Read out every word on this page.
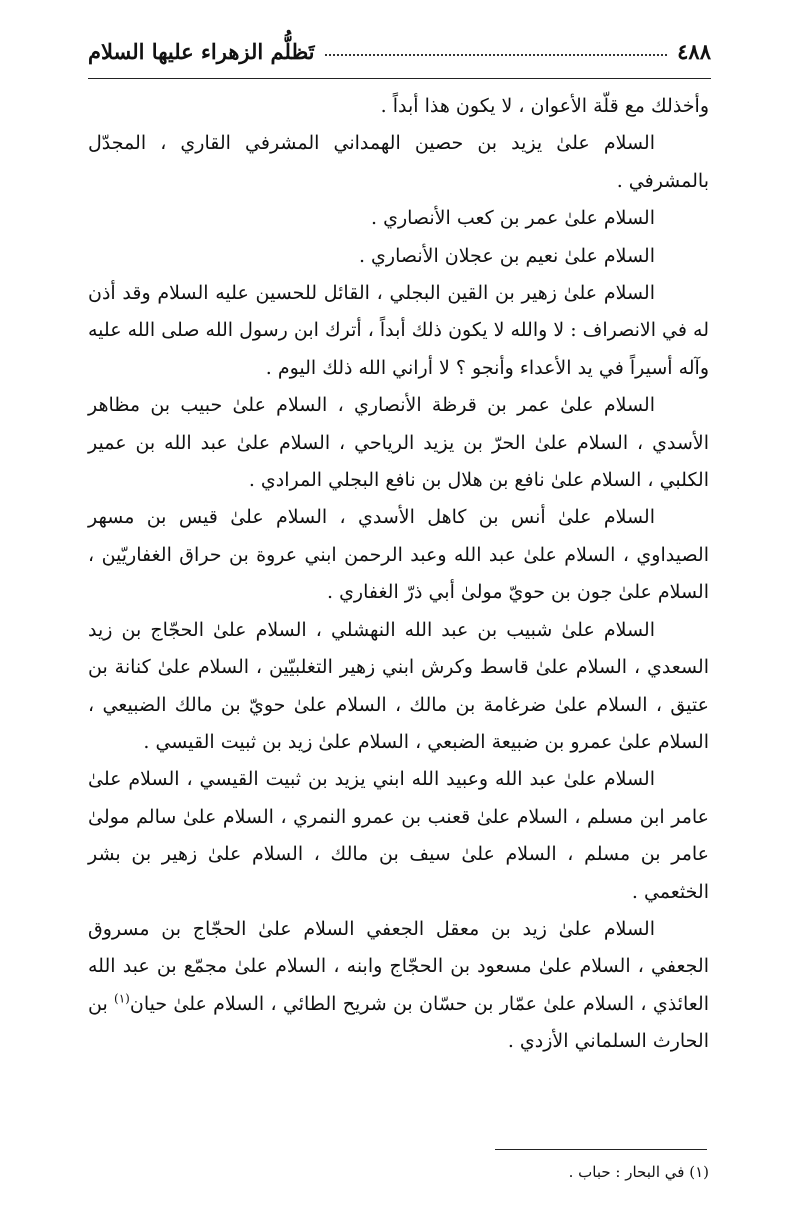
٤٨٨
تَظلُّم الزهراء عليها السلام

وأخذلك مع قلّة الأعوان ، لا يكون هذا أبداً .

السلام علىٰ يزيد بن حصين الهمداني المشرفي القاري ، المجدّل بالمشرفي .

السلام علىٰ عمر بن كعب الأنصاري .

السلام علىٰ نعيم بن عجلان الأنصاري .

السلام علىٰ زهير بن القين البجلي ، القائل للحسين عليه السلام وقد أذن له في الانصراف : لا والله لا يكون ذلك أبداً ، أترك ابن رسول الله صلى الله عليه وآله أسيراً في يد الأعداء وأنجو ؟ لا أراني الله ذلك اليوم .

السلام علىٰ عمر بن قرظة الأنصاري ، السلام علىٰ حبيب بن مظاهر الأسدي ، السلام علىٰ الحرّ بن يزيد الرياحي ، السلام علىٰ عبد الله بن عمير الكلبي ، السلام علىٰ نافع بن هلال بن نافع البجلي المرادي .

السلام علىٰ أنس بن كاهل الأسدي ، السلام علىٰ قيس بن مسهر الصيداوي ، السلام علىٰ عبد الله وعبد الرحمن ابني عروة بن حراق الغفاريّين ، السلام علىٰ جون بن حويّ مولىٰ أبي ذرّ الغفاري .

السلام علىٰ شبيب بن عبد الله النهشلي ، السلام علىٰ الحجّاج بن زيد السعدي ، السلام علىٰ قاسط وكرش ابني زهير التغلبيّين ، السلام علىٰ كنانة بن عتيق ، السلام علىٰ ضرغامة بن مالك ، السلام علىٰ حويّ بن مالك الضبيعي ، السلام علىٰ عمرو بن ضبيعة الضبعي ، السلام علىٰ زيد بن ثبيت القيسي .

السلام علىٰ عبد الله وعبيد الله ابني يزيد بن ثبيت القيسي ، السلام علىٰ عامر ابن مسلم ، السلام علىٰ قعنب بن عمرو النمري ، السلام علىٰ سالم مولىٰ عامر بن مسلم ، السلام علىٰ سيف بن مالك ، السلام علىٰ زهير بن بشر الخثعمي .

السلام علىٰ زيد بن معقل الجعفي السلام علىٰ الحجّاج بن مسروق الجعفي ، السلام علىٰ مسعود بن الحجّاج وابنه ، السلام علىٰ مجمّع بن عبد الله العائذي ، السلام علىٰ عمّار بن حسّان بن شريح الطائي ، السلام علىٰ حيان$^{(١)}$ بن الحارث السلماني الأزدي .

(١) في البحار : حباب .
